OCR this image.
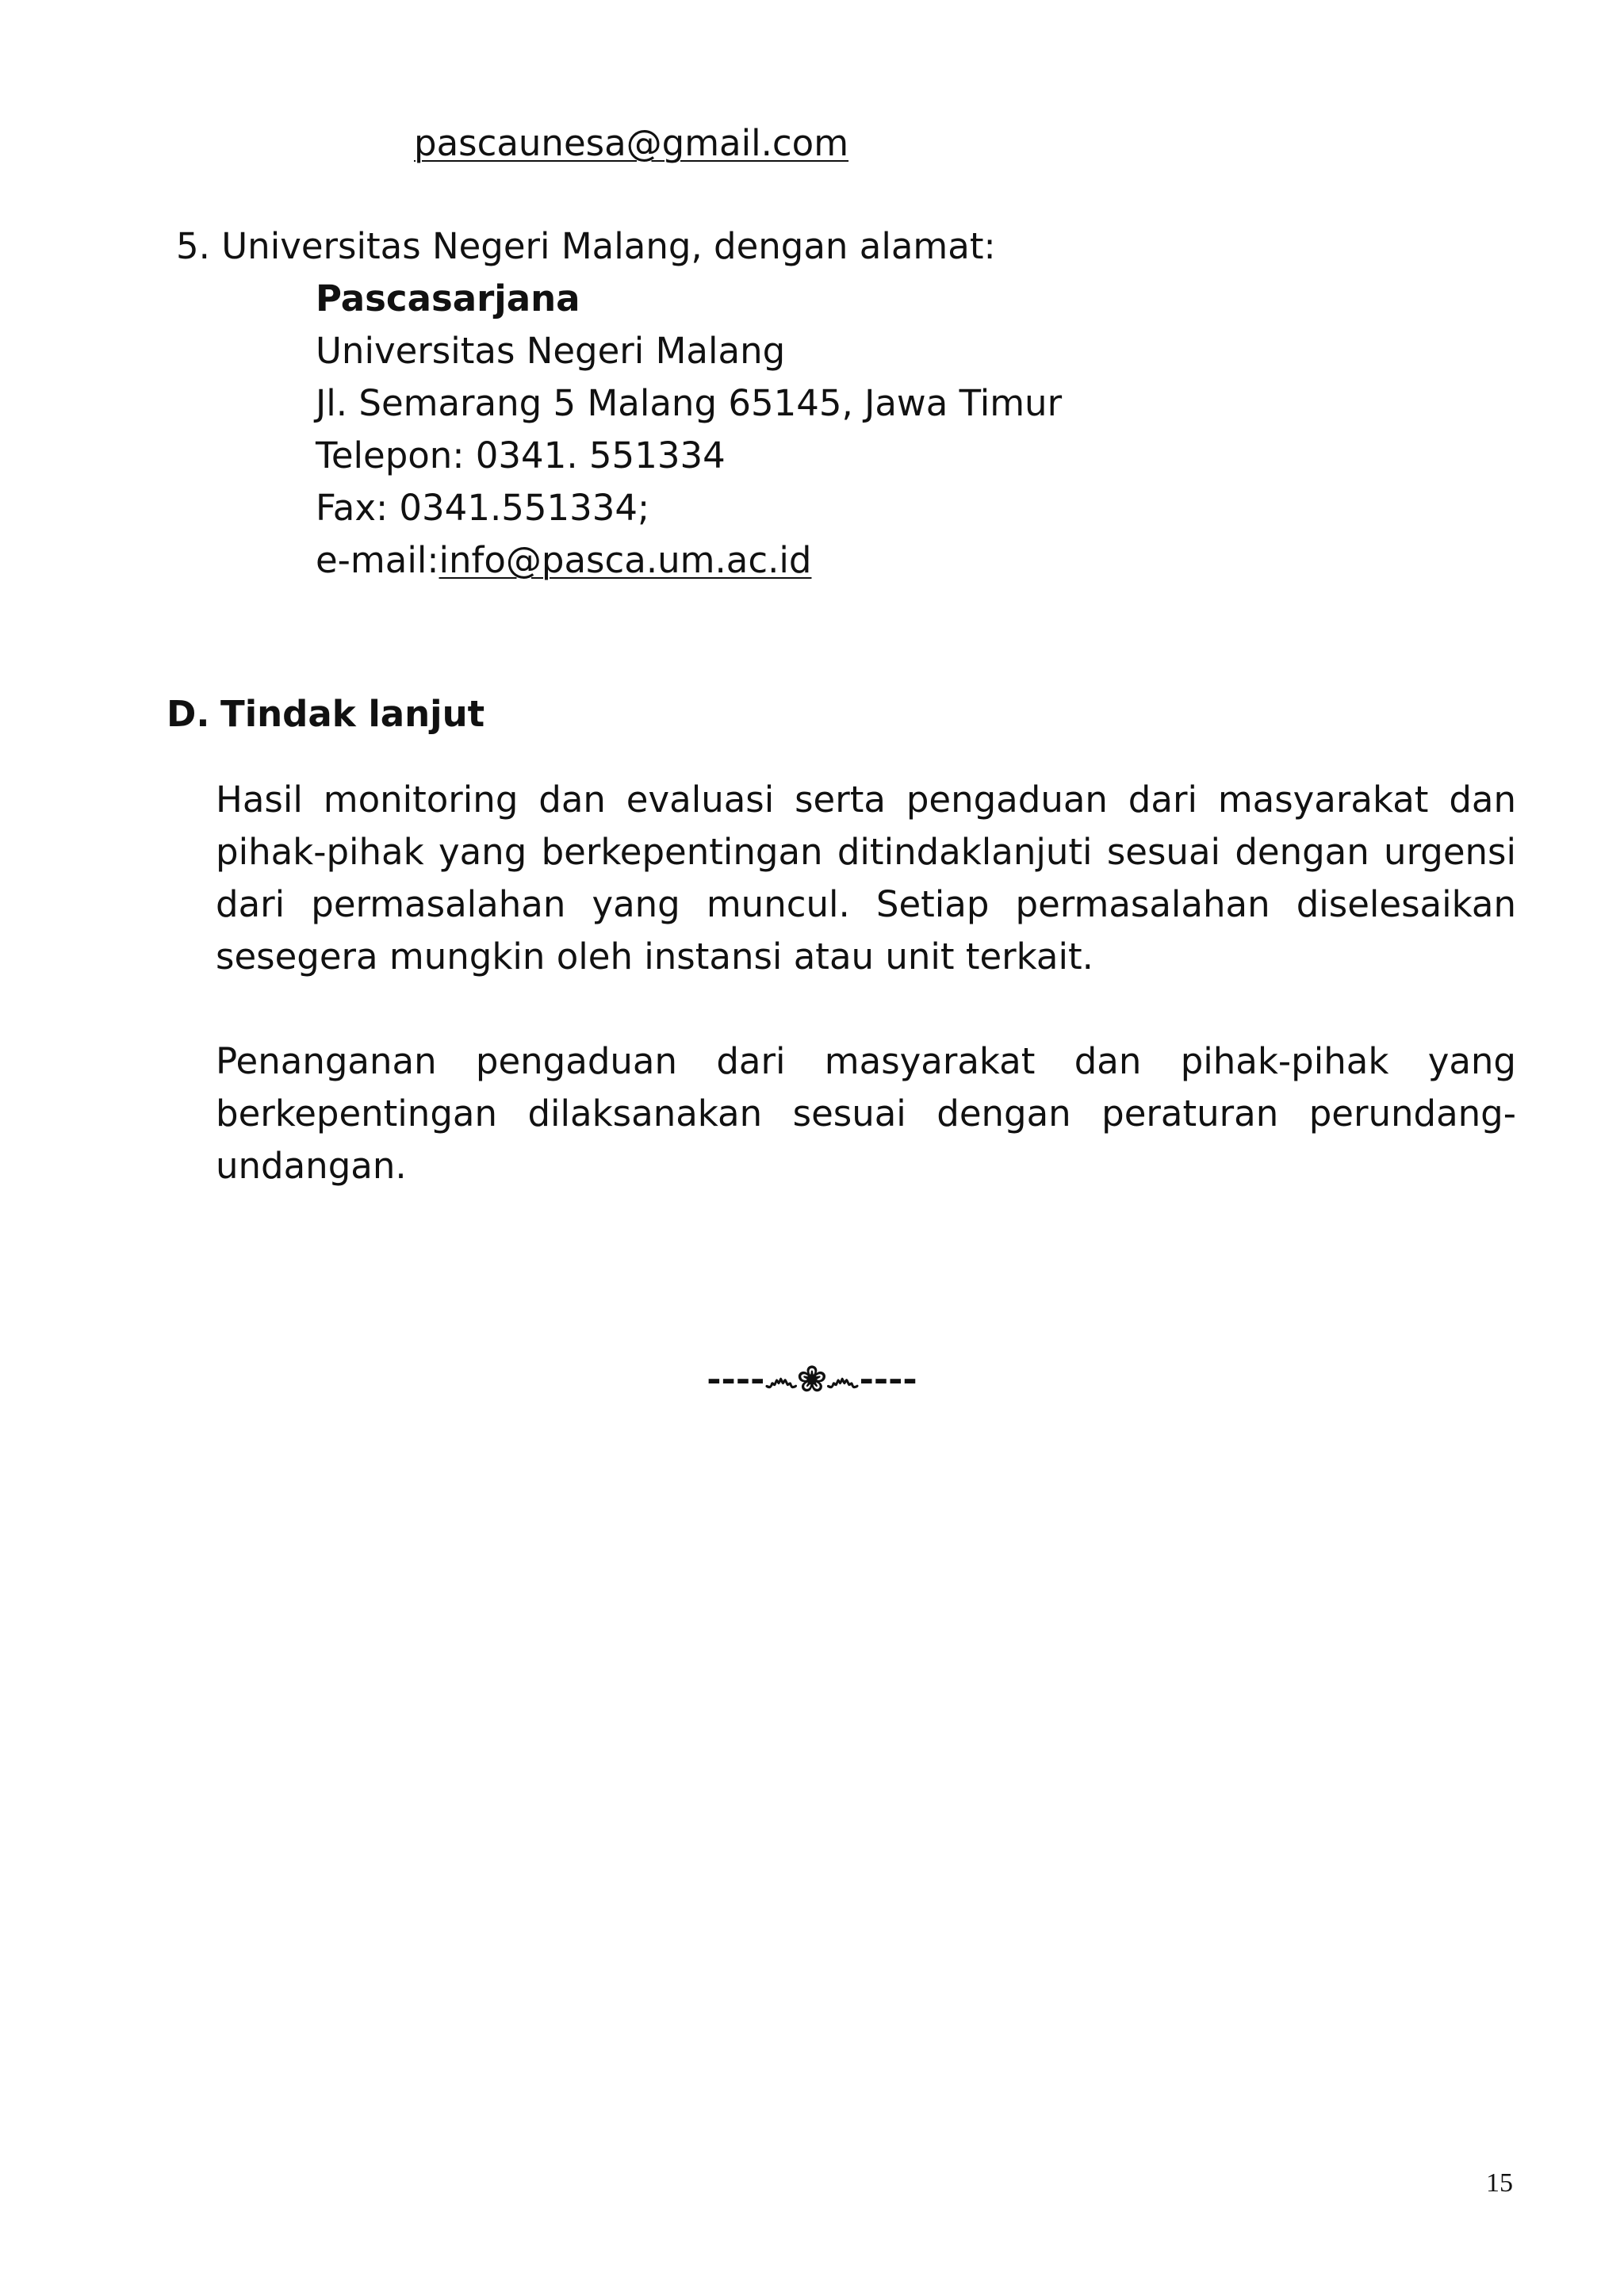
pascaunesa@gmail.com
5. Universitas Negeri Malang, dengan alamat:
Pascasarjana
Universitas Negeri Malang
Jl. Semarang 5 Malang 65145, Jawa Timur
Telepon: 0341. 551334
Fax: 0341.551334;
e-mail:info@pasca.um.ac.id
D. Tindak lanjut

Hasil monitoring dan evaluasi serta pengaduan dari masyarakat dan pihak-pihak yang berkepentingan ditindaklanjuti sesuai dengan urgensi dari permasalahan yang muncul. Setiap permasalahan diselesaikan sesegera mungkin oleh instansi atau unit terkait.

Penanganan pengaduan dari masyarakat dan pihak-pihak yang berkepentingan dilaksanakan sesuai dengan peraturan perundang-undangan.

----෴❀෴----
15
